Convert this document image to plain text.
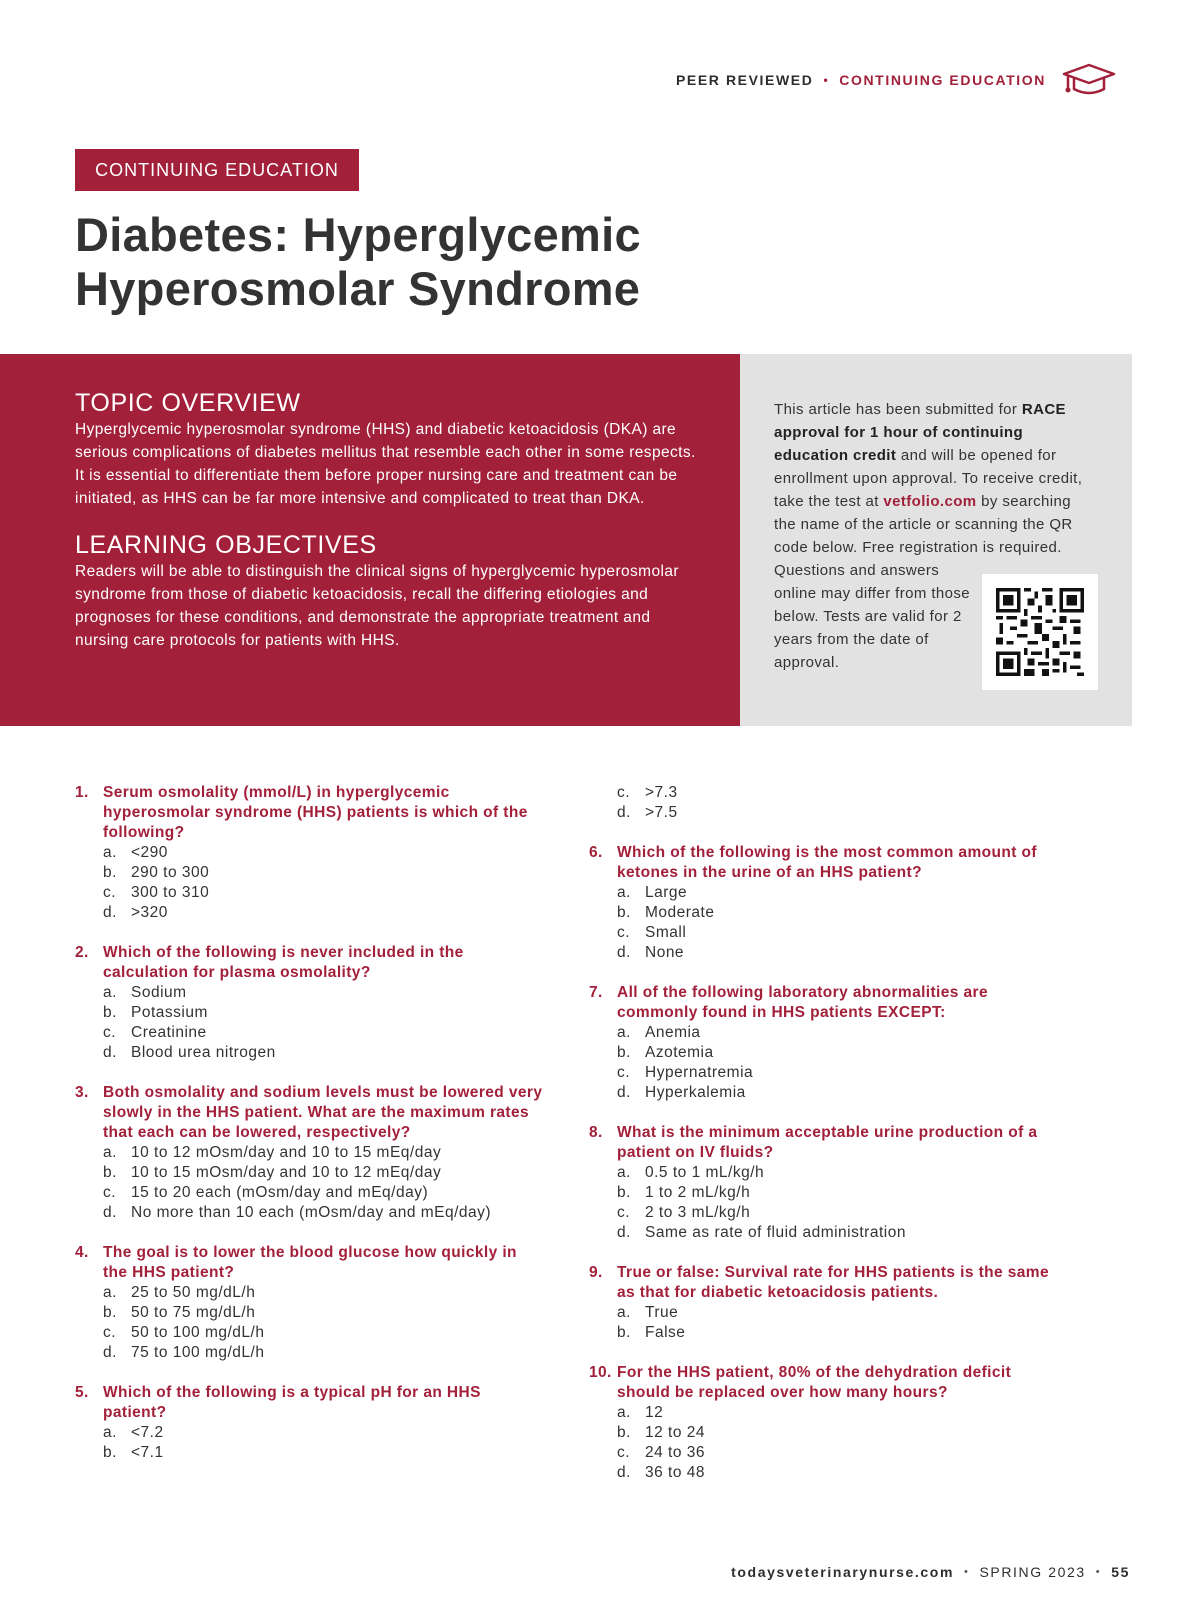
PEER REVIEWED • CONTINUING EDUCATION
CONTINUING EDUCATION
Diabetes: Hyperglycemic
Hyperosmolar Syndrome
TOPIC OVERVIEW

Hyperglycemic hyperosmolar syndrome (HHS) and diabetic ketoacidosis (DKA) are serious complications of diabetes mellitus that resemble each other in some respects. It is essential to differentiate them before proper nursing care and treatment can be initiated, as HHS can be far more intensive and complicated to treat than DKA.

LEARNING OBJECTIVES

Readers will be able to distinguish the clinical signs of hyperglycemic hyperosmolar syndrome from those of diabetic ketoacidosis, recall the differing etiologies and prognoses for these conditions, and demonstrate the appropriate treatment and nursing care protocols for patients with HHS.

This article has been submitted for RACE approval for 1 hour of continuing education credit and will be opened for enrollment upon approval. To receive credit, take the test at vetfolio.com by searching the name of the article or scanning the QR code below. Free registration is required.
Questions and answers online may differ from those below. Tests are valid for 2 years from the date of approval.
1. Serum osmolality (mmol/L) in hyperglycemic hyperosmolar syndrome (HHS) patients is which of the following?
a. <290
b. 290 to 300
c. 300 to 310
d. >320
2. Which of the following is never included in the calculation for plasma osmolality?
a. Sodium
b. Potassium
c. Creatinine
d. Blood urea nitrogen
3. Both osmolality and sodium levels must be lowered very slowly in the HHS patient. What are the maximum rates that each can be lowered, respectively?
a. 10 to 12 mOsm/day and 10 to 15 mEq/day
b. 10 to 15 mOsm/day and 10 to 12 mEq/day
c. 15 to 20 each (mOsm/day and mEq/day)
d. No more than 10 each (mOsm/day and mEq/day)
4. The goal is to lower the blood glucose how quickly in the HHS patient?
a. 25 to 50 mg/dL/h
b. 50 to 75 mg/dL/h
c. 50 to 100 mg/dL/h
d. 75 to 100 mg/dL/h
5. Which of the following is a typical pH for an HHS patient?
a. <7.2
b. <7.1
c. >7.3
d. >7.5
6. Which of the following is the most common amount of ketones in the urine of an HHS patient?
a. Large
b. Moderate
c. Small
d. None
7. All of the following laboratory abnormalities are commonly found in HHS patients EXCEPT:
a. Anemia
b. Azotemia
c. Hypernatremia
d. Hyperkalemia
8. What is the minimum acceptable urine production of a patient on IV fluids?
a. 0.5 to 1 mL/kg/h
b. 1 to 2 mL/kg/h
c. 2 to 3 mL/kg/h
d. Same as rate of fluid administration
9. True or false: Survival rate for HHS patients is the same as that for diabetic ketoacidosis patients.
a. True
b. False
10. For the HHS patient, 80% of the dehydration deficit should be replaced over how many hours?
a. 12
b. 12 to 24
c. 24 to 36
d. 36 to 48
todaysveterinarynurse.com • SPRING 2023 • 55
